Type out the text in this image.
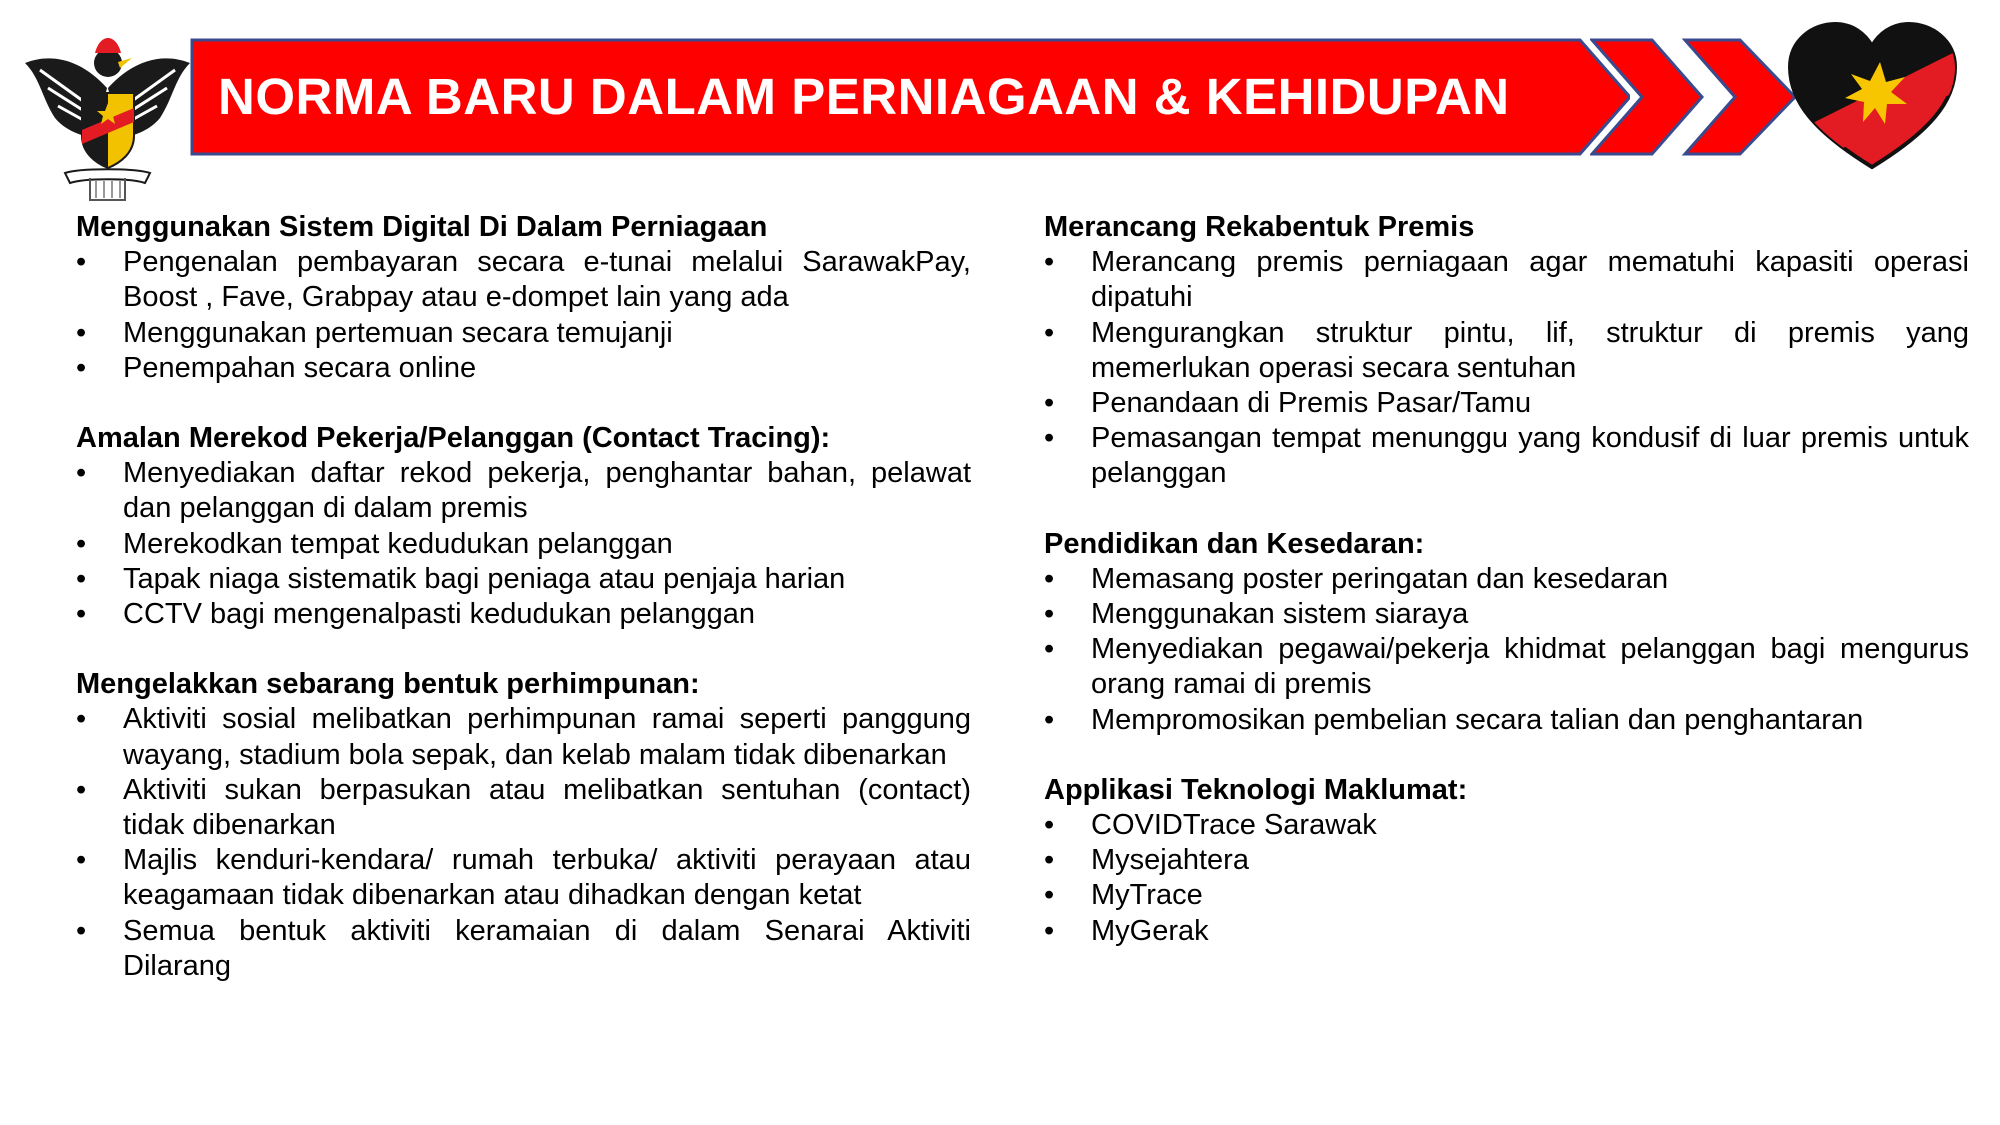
NORMA BARU DALAM PERNIAGAAN & KEHIDUPAN
Menggunakan Sistem Digital Di Dalam Perniagaan
•	Pengenalan pembayaran secara e-tunai melalui SarawakPay, Boost , Fave, Grabpay atau e-dompet lain yang ada
•	Menggunakan pertemuan secara temujanji
•	Penempahan secara online
Amalan Merekod Pekerja/Pelanggan (Contact Tracing):
•	Menyediakan daftar rekod pekerja, penghantar bahan, pelawat dan pelanggan di dalam premis
•	Merekodkan tempat kedudukan pelanggan
•	Tapak niaga sistematik bagi peniaga atau penjaja harian
•	CCTV bagi mengenalpasti kedudukan pelanggan
Mengelakkan sebarang bentuk perhimpunan:
•	Aktiviti sosial melibatkan perhimpunan ramai seperti panggung wayang, stadium bola sepak, dan kelab malam tidak dibenarkan
•	Aktiviti sukan berpasukan atau melibatkan sentuhan (contact) tidak dibenarkan
•	Majlis kenduri-kendara/ rumah terbuka/ aktiviti perayaan atau keagamaan tidak dibenarkan atau dihadkan dengan ketat
•	Semua bentuk aktiviti keramaian di dalam Senarai Aktiviti Dilarang
Merancang Rekabentuk Premis
•	Merancang premis perniagaan agar mematuhi kapasiti operasi dipatuhi
•	Mengurangkan struktur pintu, lif, struktur di premis yang memerlukan operasi secara sentuhan
•	Penandaan di Premis Pasar/Tamu
•	Pemasangan tempat menunggu yang kondusif di luar premis untuk pelanggan
Pendidikan dan Kesedaran:
•	Memasang poster peringatan dan kesedaran
•	Menggunakan sistem siaraya
•	Menyediakan pegawai/pekerja khidmat pelanggan bagi mengurus orang ramai di premis
•	Mempromosikan pembelian secara talian dan penghantaran
Applikasi Teknologi Maklumat:
•	COVIDTrace Sarawak
•	Mysejahtera
•	MyTrace
•	MyGerak
